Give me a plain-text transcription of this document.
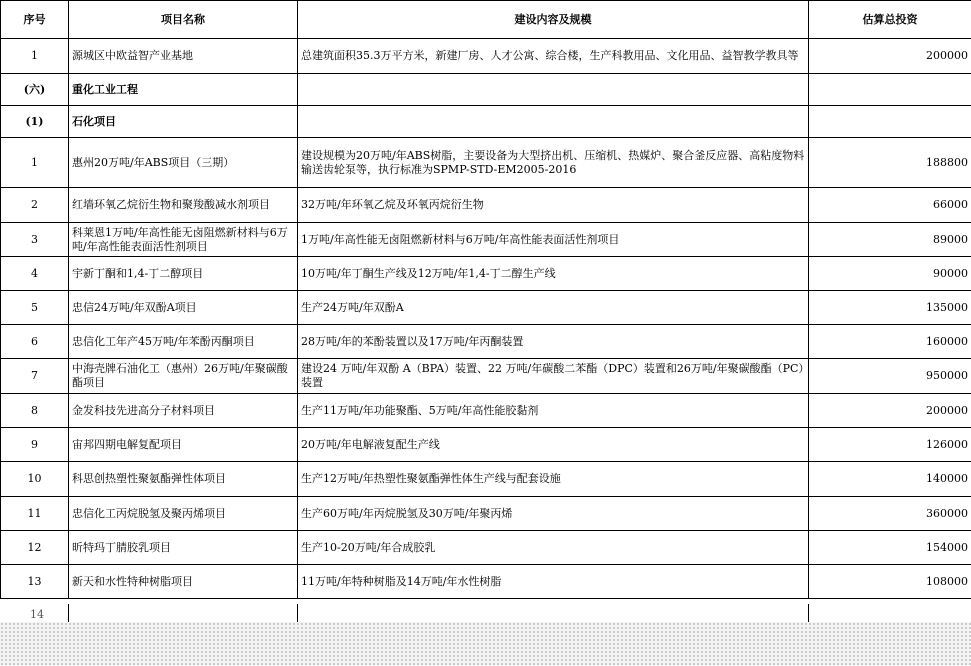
序号	项目名称	建设内容及规模	估算总投资
1	源城区中欧益智产业基地	总建筑面积35.3万平方米，新建厂房、人才公寓、综合楼，生产科教用品、文化用品、益智教学教具等	200000
(六)	重化工业工程		
(1)	石化项目		
1	惠州20万吨/年ABS项目（三期）	建设规模为20万吨/年ABS树脂，主要设备为大型挤出机、压缩机、热媒炉、聚合釜反应器、高粘度物料输送齿轮泵等，执行标准为SPMP-STD-EM2005-2016	188800
2	红墙环氧乙烷衍生物和聚羧酸减水剂项目	32万吨/年环氧乙烷及环氧丙烷衍生物	66000
3	科莱恩1万吨/年高性能无卤阻燃新材料与6万吨/年高性能表面活性剂项目	1万吨/年高性能无卤阻燃新材料与6万吨/年高性能表面活性剂项目	89000
4	宇新丁酮和1,4-丁二醇项目	10万吨/年丁酮生产线及12万吨/年1,4-丁二醇生产线	90000
5	忠信24万吨/年双酚A项目	生产24万吨/年双酚A	135000
6	忠信化工年产45万吨/年苯酚丙酮项目	28万吨/年的苯酚装置以及17万吨/年丙酮装置	160000
7	中海壳牌石油化工（惠州）26万吨/年聚碳酸酯项目	建设24 万吨/年双酚 A（BPA）装置、22 万吨/年碳酸二苯酯（DPC）装置和26万吨/年聚碳酸酯（PC）装置	950000
8	金发科技先进高分子材料项目	生产11万吨/年功能聚酯、5万吨/年高性能胶黏剂	200000
9	宙邦四期电解复配项目	20万吨/年电解液复配生产线	126000
10	科思创热塑性聚氨酯弹性体项目	生产12万吨/年热塑性聚氨酯弹性体生产线与配套设施	140000
11	忠信化工丙烷脱氢及聚丙烯项目	生产60万吨/年丙烷脱氢及30万吨/年聚丙烯	360000
12	昕特玛丁腈胶乳项目	生产10-20万吨/年合成胶乳	154000
13	新天和水性特种树脂项目	11万吨/年特种树脂及14万吨/年水性树脂	108000
14
